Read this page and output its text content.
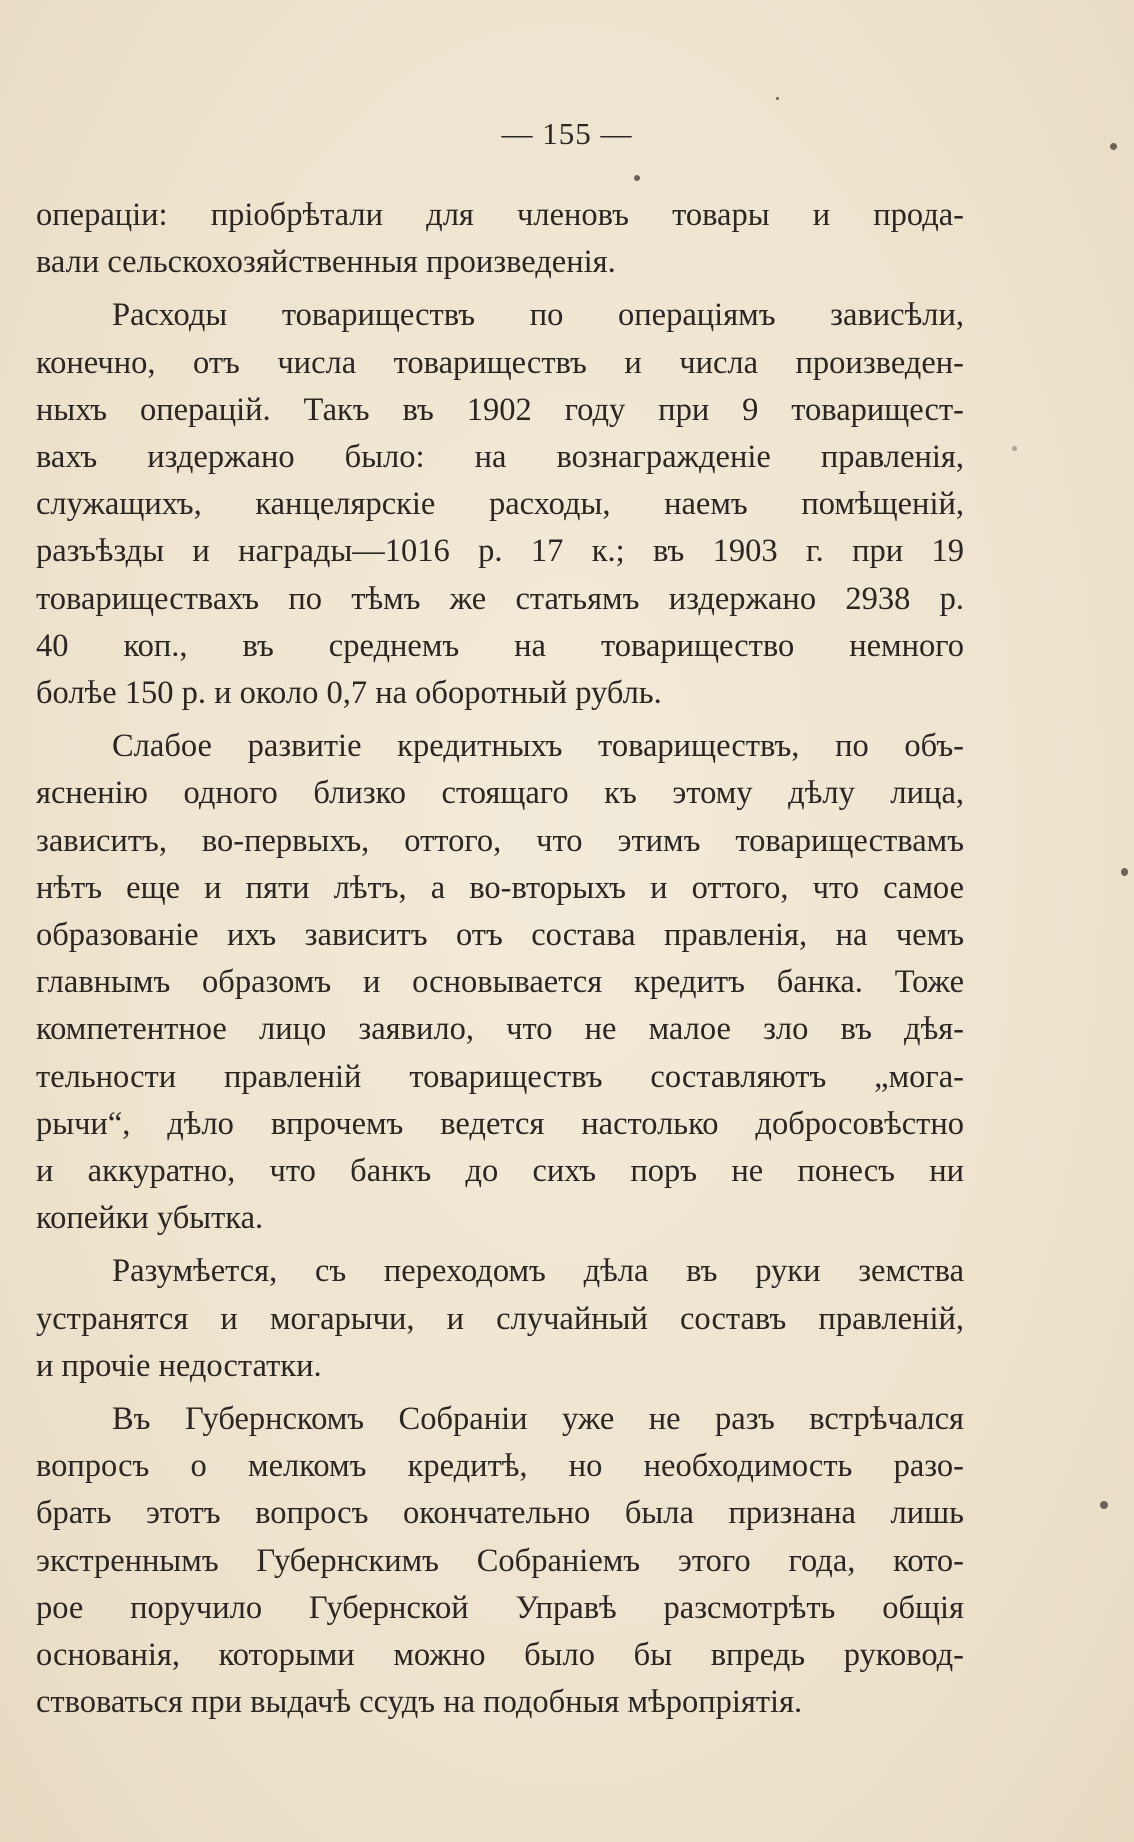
— 155 —
операціи: пріобрѣтали для членовъ товары и прода-
вали сельскохозяйственныя произведенія.
Расходы товариществъ по операціямъ зависѣли,
конечно, отъ числа товариществъ и числа произведен-
ныхъ операцій. Такъ въ 1902 году при 9 товарищест-
вахъ издержано было: на вознагражденіе правленія,
служащихъ, канцелярскіе расходы, наемъ помѣщеній,
разъѣзды и награды—1016 р. 17 к.; въ 1903 г. при 19
товариществахъ по тѣмъ же статьямъ издержано 2938 р.
40 коп., въ среднемъ на товарищество немного
болѣе 150 р. и около 0,7 на оборотный рубль.
Слабое развитіе кредитныхъ товариществъ, по объ-
ясненію одного близко стоящаго къ этому дѣлу лица,
зависитъ, во-первыхъ, оттого, что этимъ товариществамъ
нѣтъ еще и пяти лѣтъ, а во-вторыхъ и оттого, что самое
образованіе ихъ зависитъ отъ состава правленія, на чемъ
главнымъ образомъ и основывается кредитъ банка. Тоже
компетентное лицо заявило, что не малое зло въ дѣя-
тельности правленій товариществъ составляютъ „мога-
рычи“, дѣло впрочемъ ведется настолько добросовѣстно
и аккуратно, что банкъ до сихъ поръ не понесъ ни
копейки убытка.
Разумѣется, съ переходомъ дѣла въ руки земства
устранятся и могарычи, и случайный составъ правленій,
и прочіе недостатки.
Въ Губернскомъ Собраніи уже не разъ встрѣчался
вопросъ о мелкомъ кредитѣ, но необходимость разо-
брать этотъ вопросъ окончательно была признана лишь
экстреннымъ Губернскимъ Собраніемъ этого года, кото-
рое поручило Губернской Управѣ разсмотрѣть общія
основанія, которыми можно было бы впредь руковод-
ствоваться при выдачѣ ссудъ на подобныя мѣропріятія.
